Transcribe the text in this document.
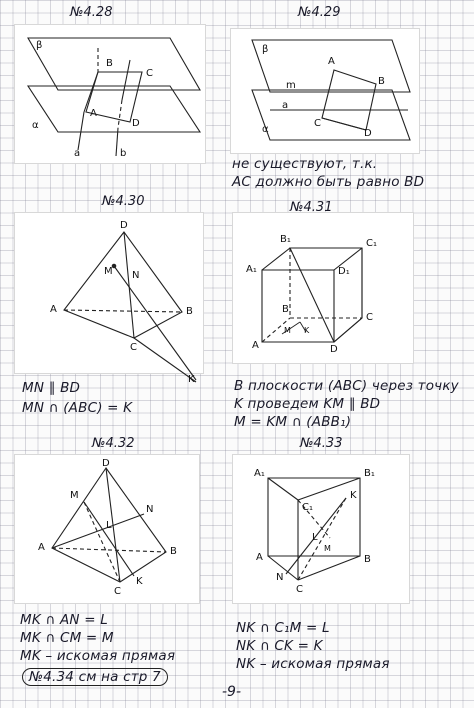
№4.28
β
α
a	b
B
C
A
D
№4.29
β
m
a
α
A
B
C
D
не существуют, т.к.
AC должно быть равно BD
№4.30
D
M N
A	B
C
K
MN ∥ BD
MN ∩ (ABC) = K
№4.31
B₁	C₁
A₁	D₁
B
C
M K
A	D
В плоскости (ABC) через точку
K проведем KM ∥ BD
M = KM ∩ (ABB₁)
№4.32
D
M
N
L
A	B
C
K
MK ∩ AN = L
MK ∩ CM = M
MK – искомая прямая
№4.34 см на стр 7
№4.33
A₁	B₁
C₁
K
L
M
A	B
N
C
NK ∩ C₁M = L
NK ∩ CK = K
NK – искомая прямая
-9-
